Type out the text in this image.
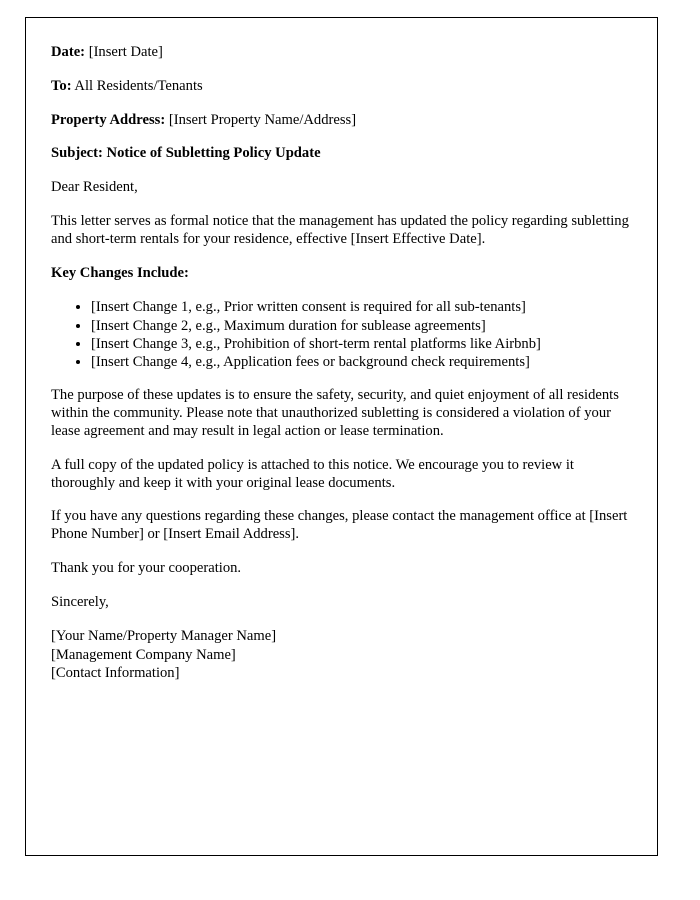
Date: [Insert Date]

To: All Residents/Tenants

Property Address: [Insert Property Name/Address]

Subject: Notice of Subletting Policy Update

Dear Resident,

This letter serves as formal notice that the management has updated the policy regarding subletting and short-term rentals for your residence, effective [Insert Effective Date].

Key Changes Include:

• [Insert Change 1, e.g., Prior written consent is required for all sub-tenants]
• [Insert Change 2, e.g., Maximum duration for sublease agreements]
• [Insert Change 3, e.g., Prohibition of short-term rental platforms like Airbnb]
• [Insert Change 4, e.g., Application fees or background check requirements]

The purpose of these updates is to ensure the safety, security, and quiet enjoyment of all residents within the community. Please note that unauthorized subletting is considered a violation of your lease agreement and may result in legal action or lease termination.

A full copy of the updated policy is attached to this notice. We encourage you to review it thoroughly and keep it with your original lease documents.

If you have any questions regarding these changes, please contact the management office at [Insert Phone Number] or [Insert Email Address].

Thank you for your cooperation.

Sincerely,

[Your Name/Property Manager Name]
[Management Company Name]
[Contact Information]
